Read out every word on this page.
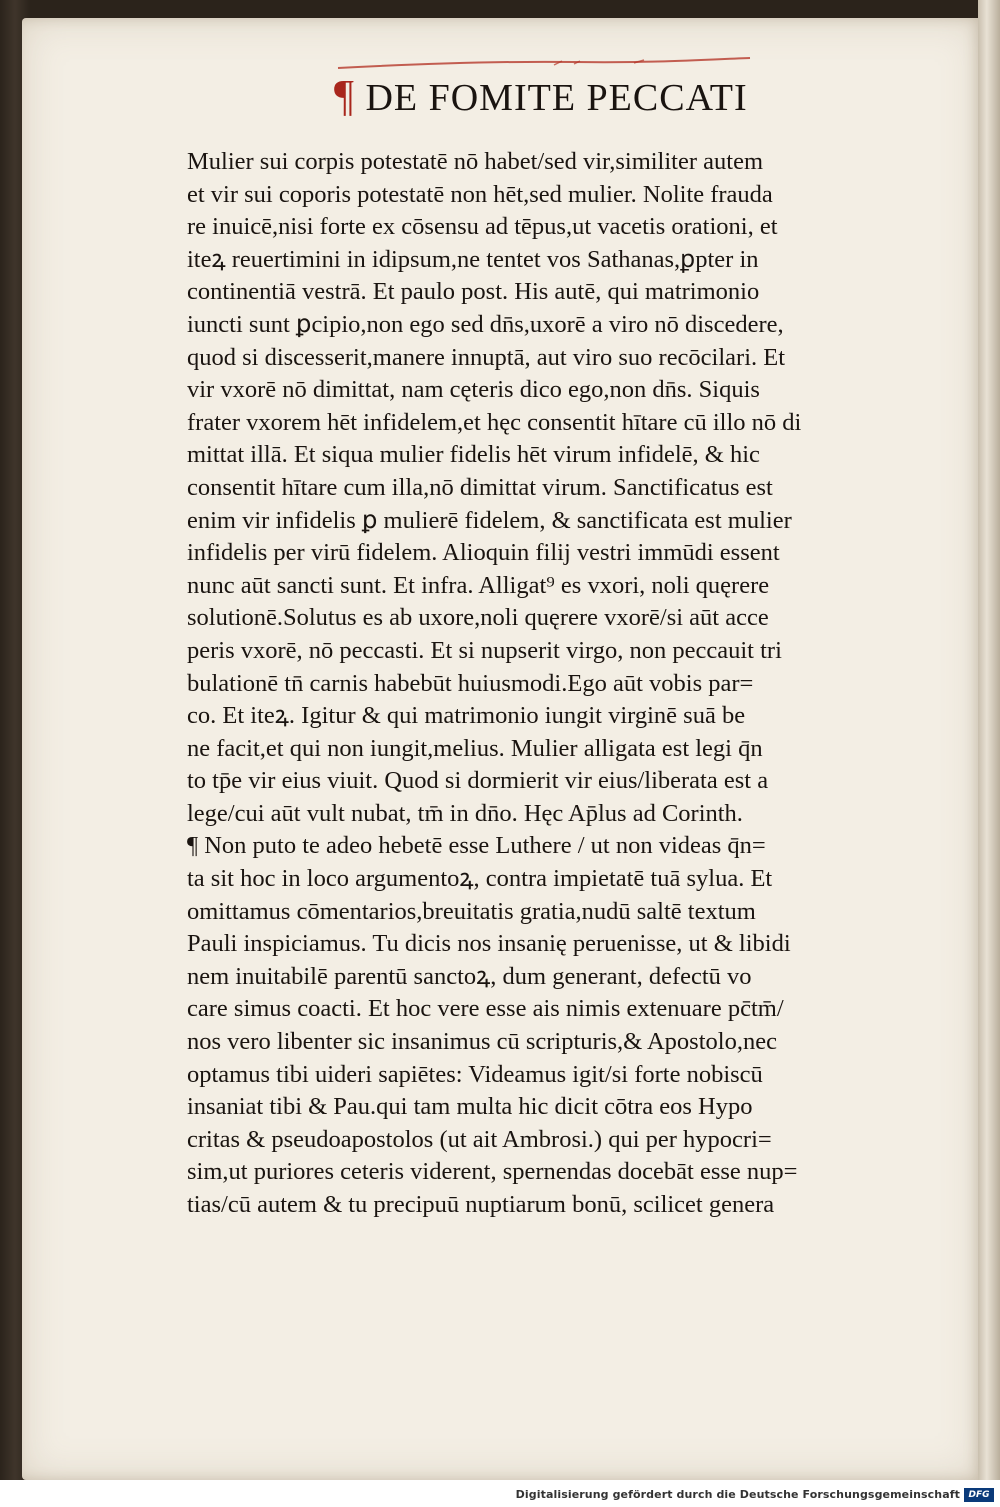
¶ DE FOMITE PECCATI
Mulier sui corpis potestatē nō habet/sed vir,similiter autem
et vir sui coporis potestatē non hēt,sed mulier. Nolite frauda
re inuicē,nisi forte ex cōsensu ad tēpus,ut vacetis orationi, et
iteꝝ reuertimini in idipsum,ne tentet vos Sathanas,ꝑpter in
continentiā vestrā. Et paulo post. His autē, qui matrimonio
iuncti sunt ꝑcipio,non ego sed dn̄s,uxorē a viro nō discedere,
quod si discesserit,manere innuptā, aut viro suo recōcilari. Et
vir vxorē nō dimittat, nam cęteris dico ego,non dn̄s. Siquis
frater vxorem hēt infidelem,et hęc consentit hītare cū illo nō di
mittat illā. Et siqua mulier fidelis hēt virum infidelē, & hic
consentit hītare cum illa,nō dimittat virum. Sanctificatus est
enim vir infidelis ꝑ mulierē fidelem, & sanctificata est mulier
infidelis per virū fidelem. Alioquin filij vestri immūdi essent
nunc aūt sancti sunt. Et infra. Alligat⁹ es vxori, noli quęrere
solutionē.Solutus es ab uxore,noli quęrere vxorē/si aūt acce
peris vxorē, nō peccasti. Et si nupserit virgo, non peccauit tri
bulationē tn̄ carnis habebūt huiusmodi.Ego aūt vobis par=
co. Et iteꝝ. Igitur & qui matrimonio iungit virginē suā be
ne facit,et qui non iungit,melius. Mulier alligata est legi q̄n
to tp̄e vir eius viuit. Quod si dormierit vir eius/liberata est a
lege/cui aūt vult nubat, tm̄ in dn̄o. Hęc Ap̄lus ad Corinth.
¶ Non puto te adeo hebetē esse Luthere / ut non videas q̄n=
ta sit hoc in loco argumentoꝝ, contra impietatē tuā sylua. Et
omittamus cōmentarios,breuitatis gratia,nudū saltē textum
Pauli inspiciamus. Tu dicis nos insanię peruenisse, ut & libidi
nem inuitabilē parentū sanctoꝝ, dum generant, defectū vo
care simus coacti. Et hoc vere esse ais nimis extenuare pc̄tm̄/
nos vero libenter sic insanimus cū scripturis,& Apostolo,nec
optamus tibi uideri sapiētes: Videamus igit/si forte nobiscū
insaniat tibi & Pau.qui tam multa hic dicit cōtra eos Hypo
critas & pseudoapostolos (ut ait Ambrosi.) qui per hypocri=
sim,ut puriores ceteris viderent, spernendas docebāt esse nup=
tias/cū autem & tu precipuū nuptiarum bonū, scilicet genera
Digitalisierung gefördert durch die Deutsche Forschungsgemeinschaft DFG
